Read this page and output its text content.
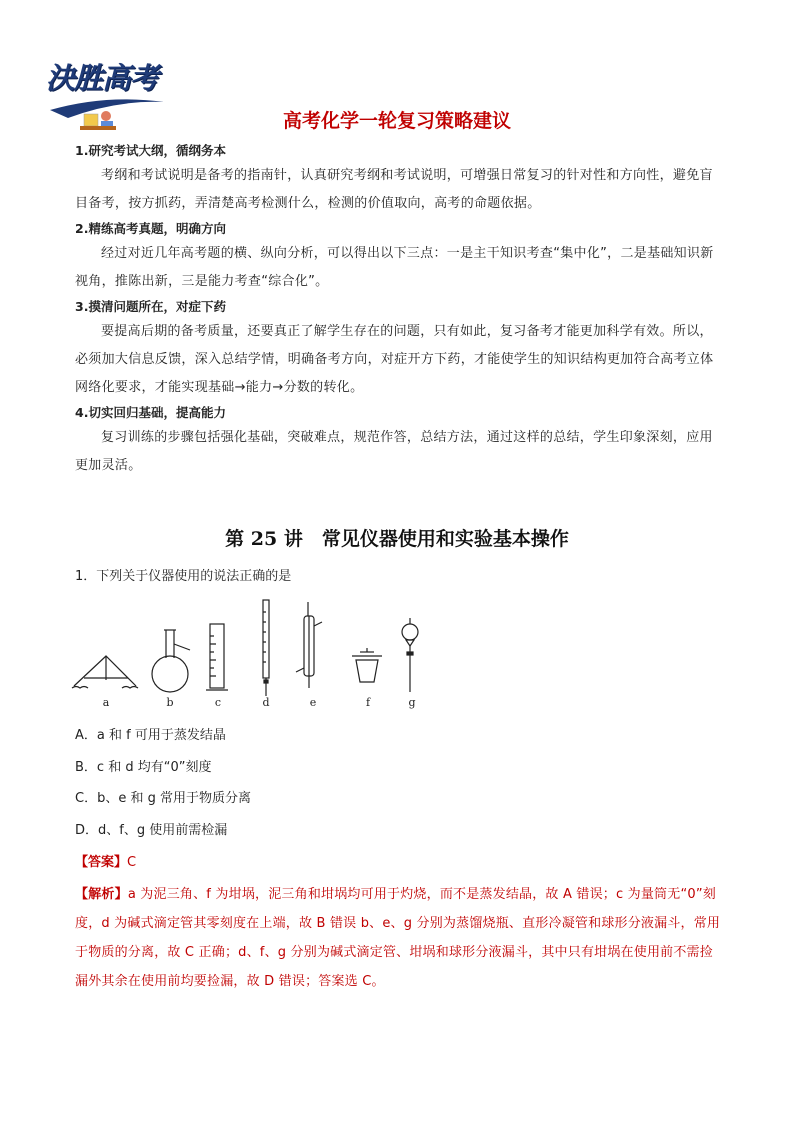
決胜高考
高考化学一轮复习策略建议

1.研究考试大纲，循纲务本

考纲和考试说明是备考的指南针，认真研究考纲和考试说明，可增强日常复习的针对性和方向性，避免盲目备考，按方抓药，弄清楚高考检测什么，检测的价值取向，高考的命题依据。

2.精练高考真题，明确方向

经过对近几年高考题的横、纵向分析，可以得出以下三点：一是主干知识考查“集中化”，二是基础知识新视角，推陈出新，三是能力考查“综合化”。

3.摸清问题所在，对症下药

要提高后期的备考质量，还要真正了解学生存在的问题，只有如此，复习备考才能更加科学有效。所以，必须加大信息反馈，深入总结学情，明确备考方向，对症开方下药，才能使学生的知识结构更加符合高考立体网络化要求，才能实现基础→能力→分数的转化。

4.切实回归基础，提高能力

复习训练的步骤包括强化基础，突破难点，规范作答，总结方法，通过这样的总结，学生印象深刻，应用更加灵活。

第 25 讲　常见仪器使用和实验基本操作
1．下列关于仪器使用的说法正确的是
a	b	c	d	e	f	g

A．a 和 f 可用于蒸发结晶

B．c 和 d 均有“0”刻度

C．b、e 和 g 常用于物质分离

D．d、f、g 使用前需检漏

【答案】C

【解析】a 为泥三角、f 为坩埚，泥三角和坩埚均可用于灼烧，而不是蒸发结晶，故 A 错误；c 为量筒无“0”刻度，d 为碱式滴定管其零刻度在上端，故 B 错误 b、e、g 分别为蒸馏烧瓶、直形冷凝管和球形分液漏斗，常用于物质的分离，故 C 正确；d、f、g 分别为碱式滴定管、坩埚和球形分液漏斗，其中只有坩埚在使用前不需捡漏外其余在使用前均要捡漏，故 D 错误；答案选 C。
